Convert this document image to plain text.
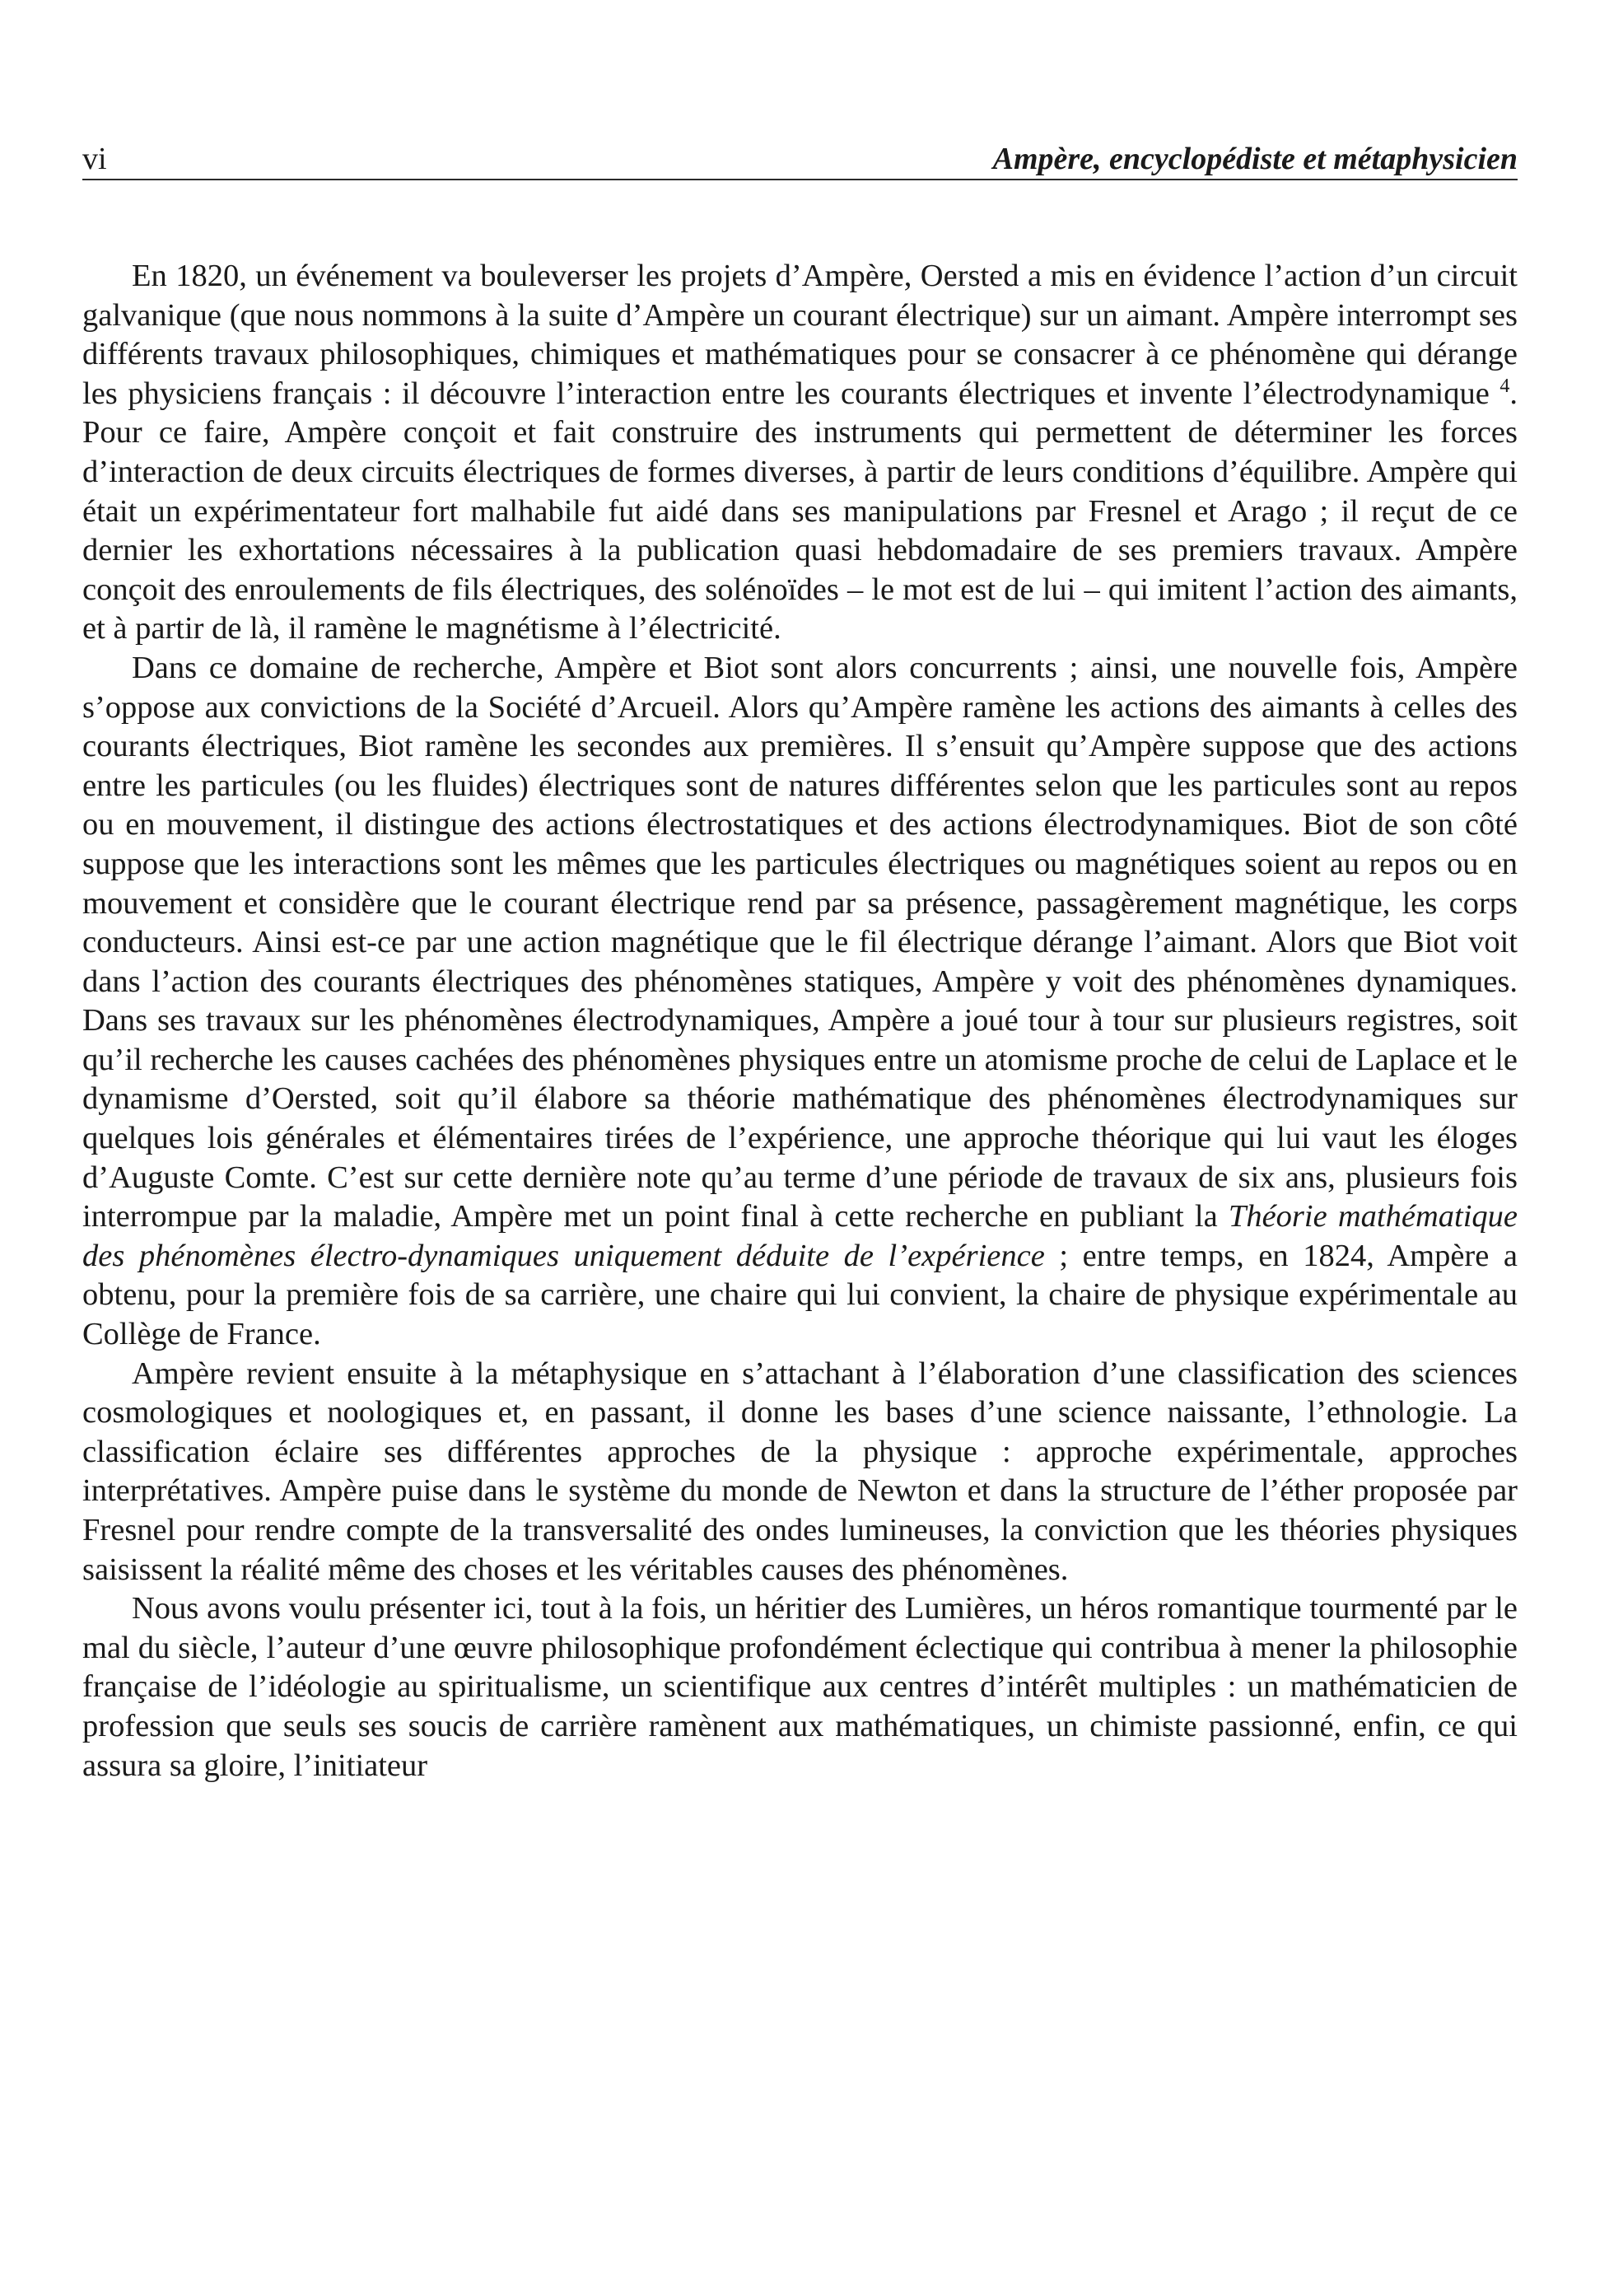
vi	Ampère, encyclopédiste et métaphysicien

En 1820, un événement va bouleverser les projets d’Ampère, Oersted a mis en évidence l’action d’un circuit galvanique (que nous nommons à la suite d’Ampère un courant électrique) sur un aimant. Ampère interrompt ses différents travaux philosophiques, chimiques et mathématiques pour se consacrer à ce phénomène qui dérange les physiciens français : il découvre l’interaction entre les courants électriques et invente l’électrodynamique $^4$. Pour ce faire, Ampère conçoit et fait construire des instruments qui permettent de déterminer les forces d’interaction de deux circuits électriques de formes diverses, à partir de leurs conditions d’équilibre. Ampère qui était un expérimentateur fort malhabile fut aidé dans ses manipulations par Fresnel et Arago ; il reçut de ce dernier les exhortations nécessaires à la publication quasi hebdomadaire de ses premiers travaux. Ampère conçoit des enroulements de fils électriques, des solénoïdes – le mot est de lui – qui imitent l’action des aimants, et à partir de là, il ramène le magnétisme à l’électricité.

Dans ce domaine de recherche, Ampère et Biot sont alors concurrents ; ainsi, une nouvelle fois, Ampère s’oppose aux convictions de la Société d’Arcueil. Alors qu’Ampère ramène les actions des aimants à celles des courants électriques, Biot ramène les secondes aux premières. Il s’ensuit qu’Ampère suppose que des actions entre les particules (ou les fluides) électriques sont de natures différentes selon que les particules sont au repos ou en mouvement, il distingue des actions électrostatiques et des actions électrodynamiques. Biot de son côté suppose que les interactions sont les mêmes que les particules électriques ou magnétiques soient au repos ou en mouvement et considère que le courant électrique rend par sa présence, passagèrement magnétique, les corps conducteurs. Ainsi est-ce par une action magnétique que le fil électrique dérange l’aimant. Alors que Biot voit dans l’action des courants électriques des phénomènes statiques, Ampère y voit des phénomènes dynamiques. Dans ses travaux sur les phénomènes électrodynamiques, Ampère a joué tour à tour sur plusieurs registres, soit qu’il recherche les causes cachées des phénomènes physiques entre un atomisme proche de celui de Laplace et le dynamisme d’Oersted, soit qu’il élabore sa théorie mathématique des phénomènes électrodynamiques sur quelques lois générales et élémentaires tirées de l’expérience, une approche théorique qui lui vaut les éloges d’Auguste Comte. C’est sur cette dernière note qu’au terme d’une période de travaux de six ans, plusieurs fois interrompue par la maladie, Ampère met un point final à cette recherche en publiant la Théorie mathématique des phénomènes électro-dynamiques uniquement déduite de l’expérience ; entre temps, en 1824, Ampère a obtenu, pour la première fois de sa carrière, une chaire qui lui convient, la chaire de physique expérimentale au Collège de France.

Ampère revient ensuite à la métaphysique en s’attachant à l’élaboration d’une classification des sciences cosmologiques et noologiques et, en passant, il donne les bases d’une science naissante, l’ethnologie. La classification éclaire ses différentes approches de la physique : approche expérimentale, approches interprétatives. Ampère puise dans le système du monde de Newton et dans la structure de l’éther proposée par Fresnel pour rendre compte de la transversalité des ondes lumineuses, la conviction que les théories physiques saisissent la réalité même des choses et les véritables causes des phénomènes.

Nous avons voulu présenter ici, tout à la fois, un héritier des Lumières, un héros romantique tourmenté par le mal du siècle, l’auteur d’une œuvre philosophique profondément éclectique qui contribua à mener la philosophie française de l’idéologie au spiritualisme, un scientifique aux centres d’intérêt multiples : un mathématicien de profession que seuls ses soucis de carrière ramènent aux mathématiques, un chimiste passionné, enfin, ce qui assura sa gloire, l’initiateur
